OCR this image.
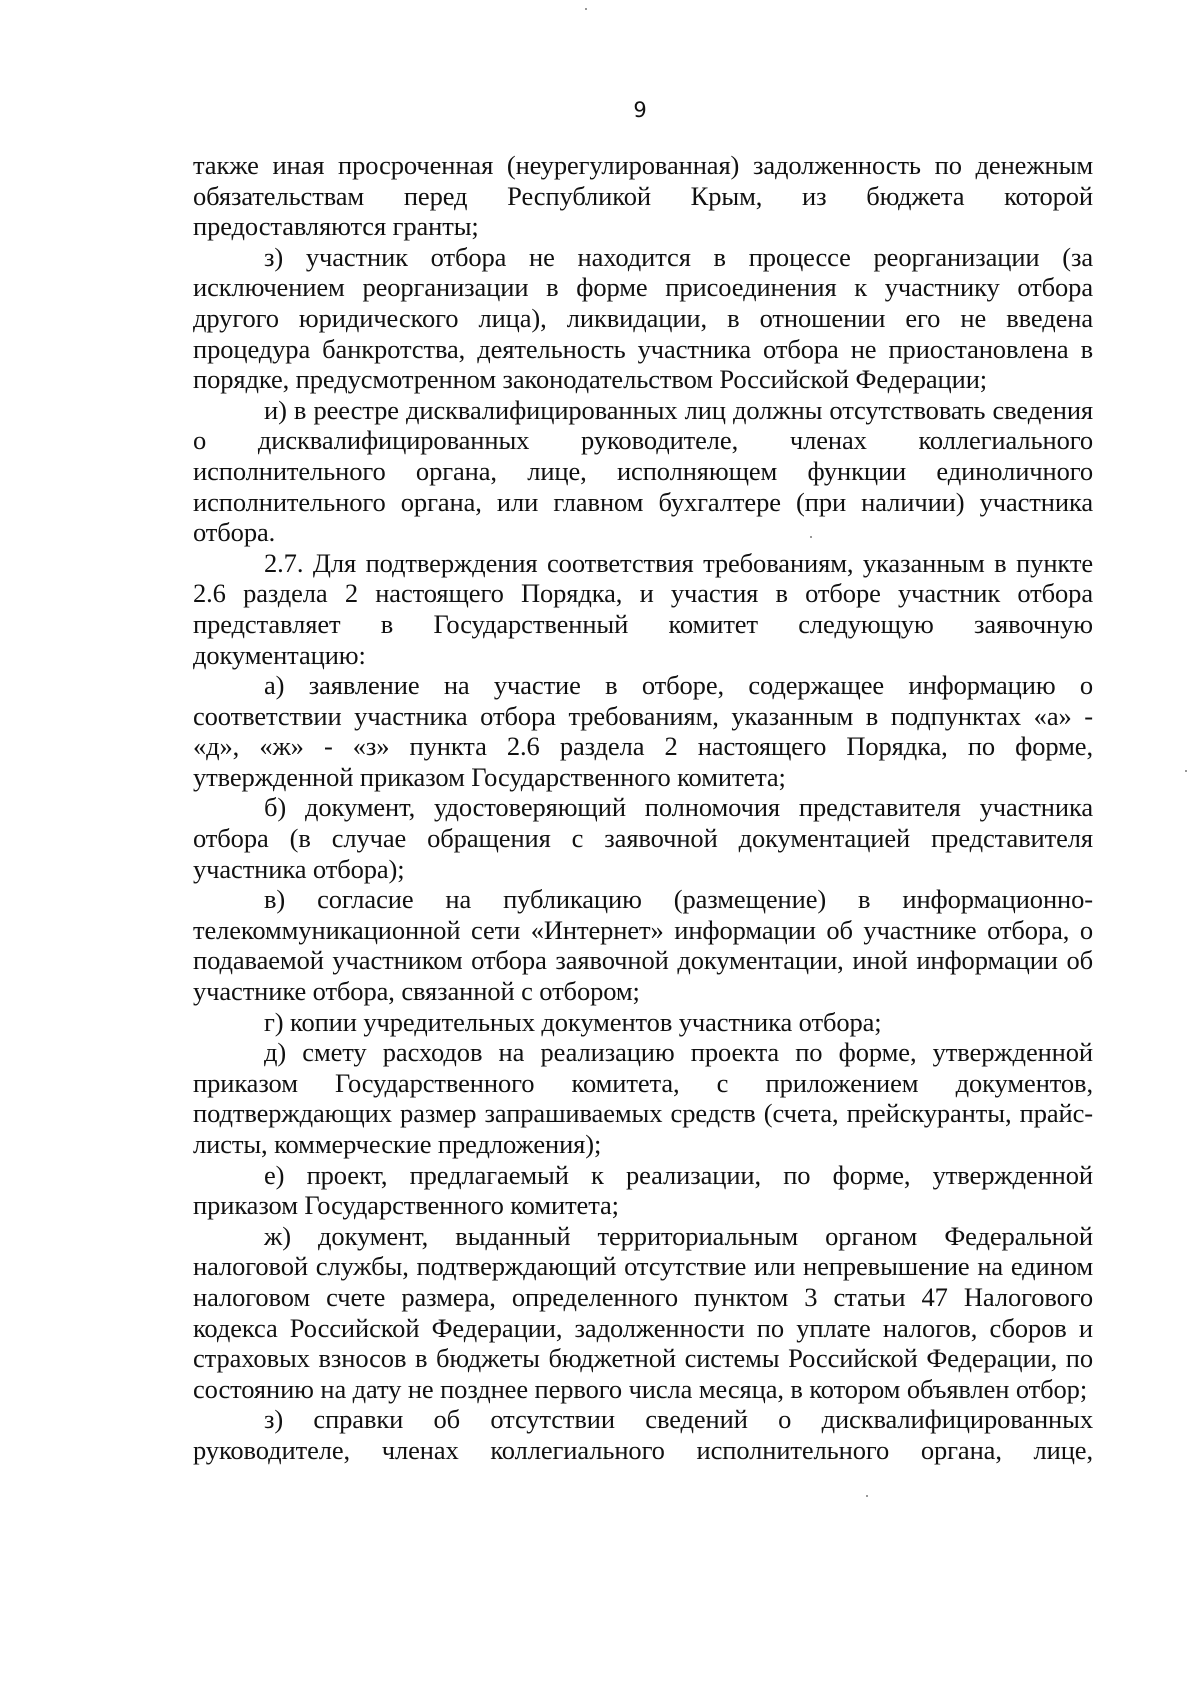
9

также иная просроченная (неурегулированная) задолженность по денежным обязательствам перед Республикой Крым, из бюджета которой предоставляются гранты;

з) участник отбора не находится в процессе реорганизации (за исключением реорганизации в форме присоединения к участнику отбора другого юридического лица), ликвидации, в отношении его не введена процедура банкротства, деятельность участника отбора не приостановлена в порядке, предусмотренном законодательством Российской Федерации;

и) в реестре дисквалифицированных лиц должны отсутствовать сведения о дисквалифицированных руководителе, членах коллегиального исполнительного органа, лице, исполняющем функции единоличного исполнительного органа, или главном бухгалтере (при наличии) участника отбора.

2.7. Для подтверждения соответствия требованиям, указанным в пункте 2.6 раздела 2 настоящего Порядка, и участия в отборе участник отбора представляет в Государственный комитет следующую заявочную документацию:

а) заявление на участие в отборе, содержащее информацию о соответствии участника отбора требованиям, указанным в подпунктах «а» - «д», «ж» - «з» пункта 2.6 раздела 2 настоящего Порядка, по форме, утвержденной приказом Государственного комитета;

б) документ, удостоверяющий полномочия представителя участника отбора (в случае обращения с заявочной документацией представителя участника отбора);

в) согласие на публикацию (размещение) в информационно-телекоммуникационной сети «Интернет» информации об участнике отбора, о подаваемой участником отбора заявочной документации, иной информации об участнике отбора, связанной с отбором;

г) копии учредительных документов участника отбора;

д) смету расходов на реализацию проекта по форме, утвержденной приказом Государственного комитета, с приложением документов, подтверждающих размер запрашиваемых средств (счета, прейскуранты, прайс-листы, коммерческие предложения);

е) проект, предлагаемый к реализации, по форме, утвержденной приказом Государственного комитета;

ж) документ, выданный территориальным органом Федеральной налоговой службы, подтверждающий отсутствие или непревышение на едином налоговом счете размера, определенного пунктом 3 статьи 47 Налогового кодекса Российской Федерации, задолженности по уплате налогов, сборов и страховых взносов в бюджеты бюджетной системы Российской Федерации, по состоянию на дату не позднее первого числа месяца, в котором объявлен отбор;

з) справки об отсутствии сведений о дисквалифицированных руководителе, членах коллегиального исполнительного органа, лице,
